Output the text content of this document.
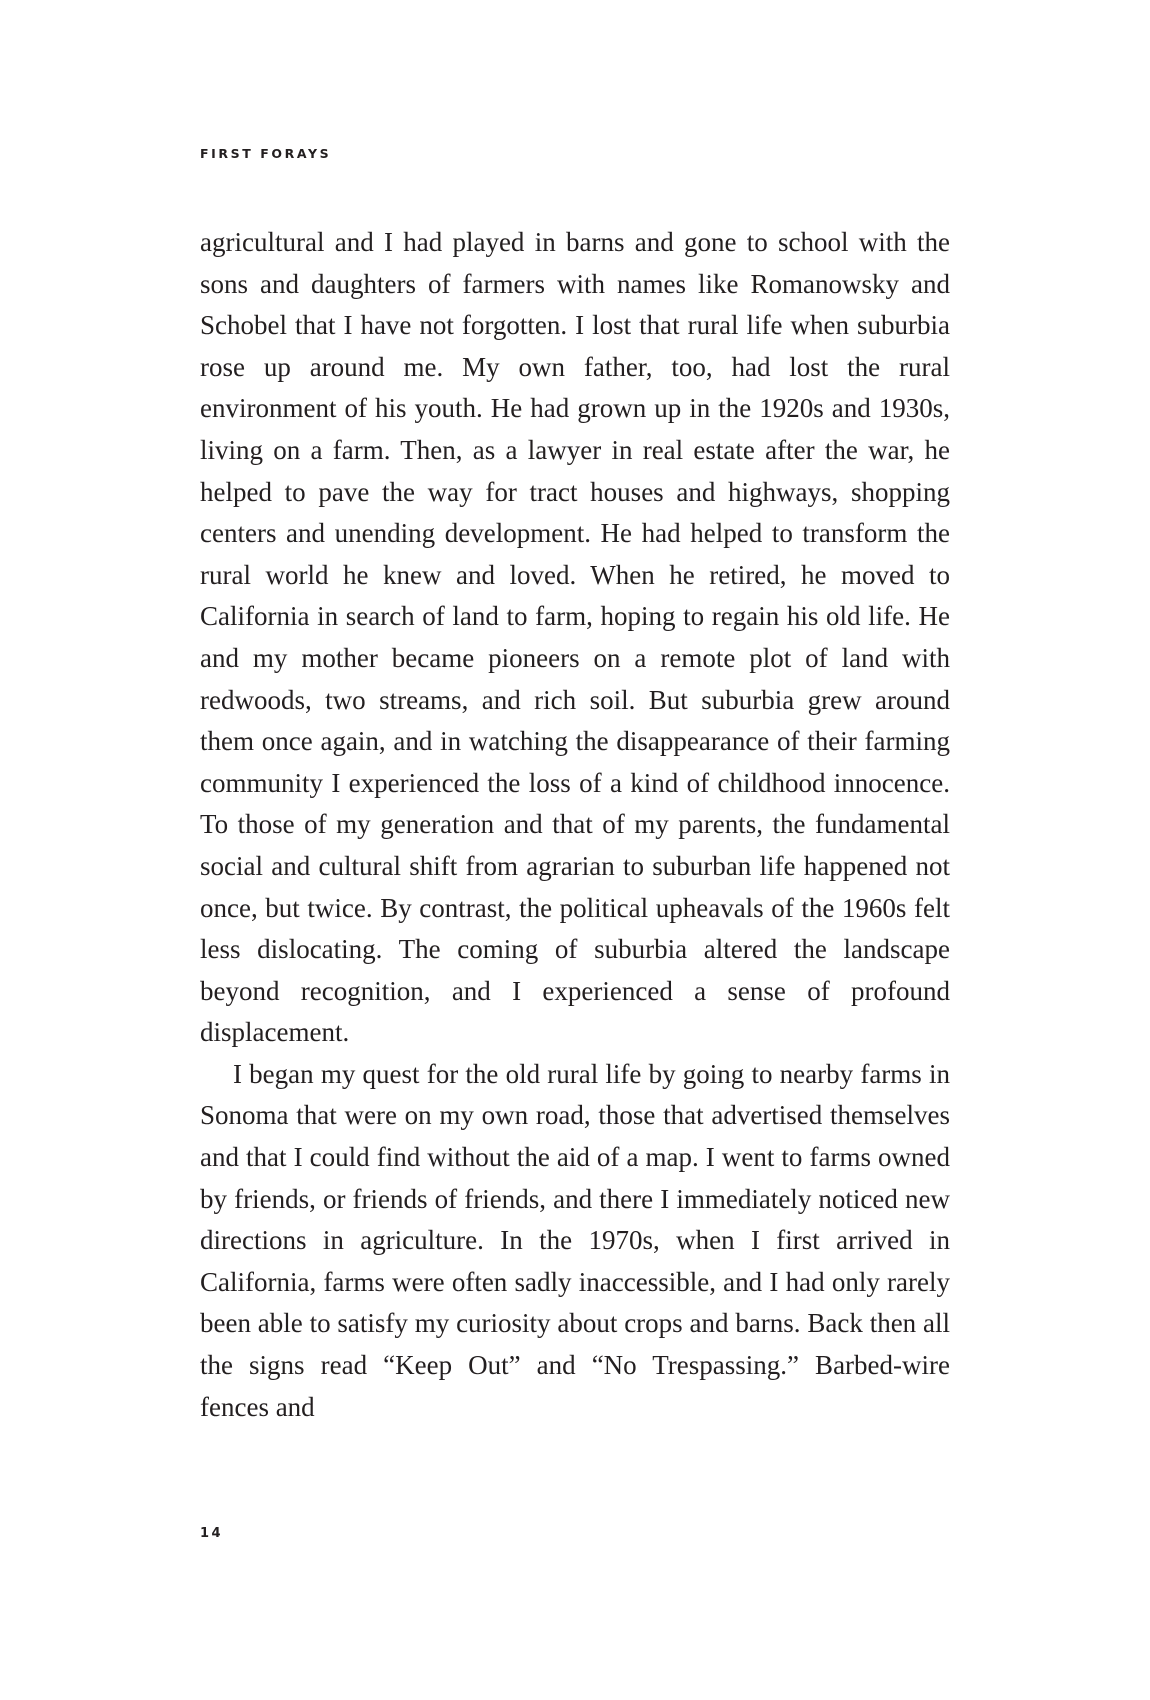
FIRST FORAYS

agricultural and I had played in barns and gone to school with the sons and daughters of farmers with names like Romanowsky and Schobel that I have not forgotten. I lost that rural life when suburbia rose up around me. My own father, too, had lost the rural environment of his youth. He had grown up in the 1920s and 1930s, living on a farm. Then, as a lawyer in real estate after the war, he helped to pave the way for tract houses and highways, shopping centers and unending development. He had helped to transform the rural world he knew and loved. When he retired, he moved to California in search of land to farm, hoping to regain his old life. He and my mother became pioneers on a remote plot of land with redwoods, two streams, and rich soil. But suburbia grew around them once again, and in watching the disappearance of their farming community I experienced the loss of a kind of childhood innocence. To those of my generation and that of my parents, the fundamental social and cultural shift from agrarian to suburban life happened not once, but twice. By contrast, the political upheavals of the 1960s felt less dislocating. The coming of suburbia altered the landscape beyond recognition, and I experienced a sense of profound displacement.

I began my quest for the old rural life by going to nearby farms in Sonoma that were on my own road, those that advertised themselves and that I could find without the aid of a map. I went to farms owned by friends, or friends of friends, and there I immediately noticed new directions in agriculture. In the 1970s, when I first arrived in California, farms were often sadly inaccessible, and I had only rarely been able to satisfy my curiosity about crops and barns. Back then all the signs read “Keep Out” and “No Trespassing.” Barbed-wire fences and

14
